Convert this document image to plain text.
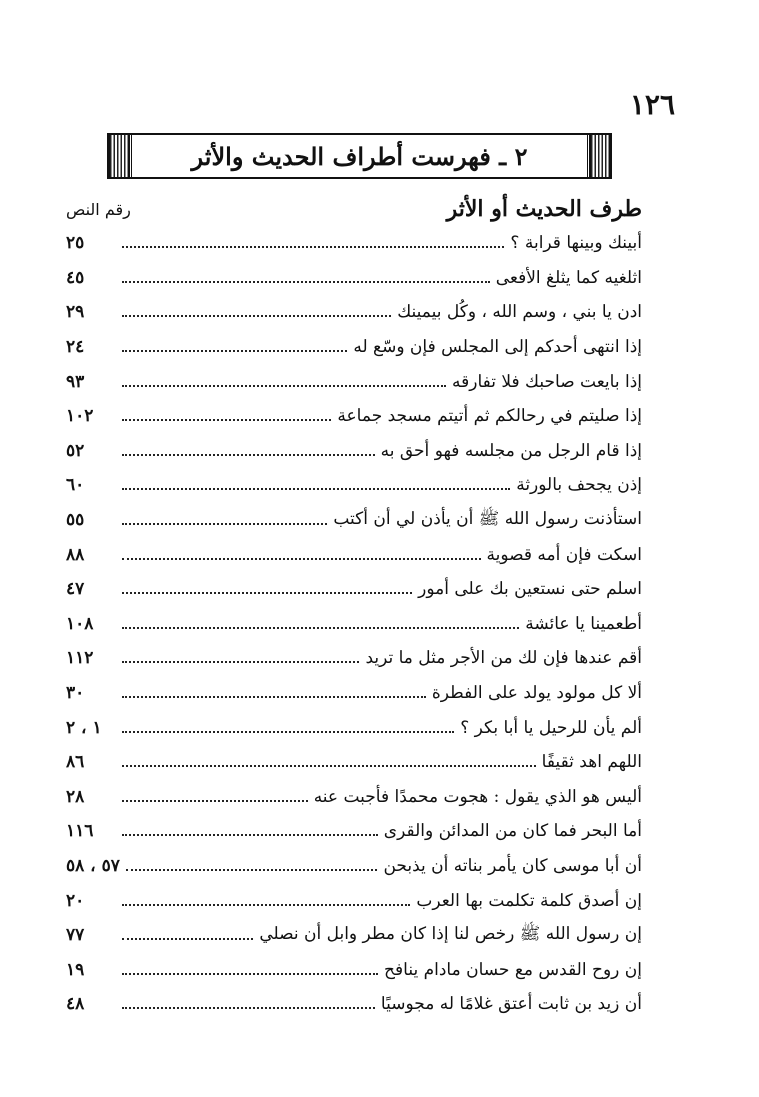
١٢٦
٢ ـ فهرست أطراف الحديث والأثر
طرف الحديث أو الأثر
رقم النص
أبينك وبينها قرابة ؟
٢٥
اثلغيه كما يثلغ الأفعى
٤٥
ادن يا بني ، وسم الله ، وكُل بيمينك
٢٩
إذا انتهى أحدكم إلى المجلس فإن وسّع له
٢٤
إذا بايعت صاحبك فلا تفارقه
٩٣
إذا صليتم في رحالكم ثم أتيتم مسجد جماعة
١٠٢
إذا قام الرجل من مجلسه فهو أحق به
٥٢
إذن يجحف بالورثة
٦٠
استأذنت رسول الله ﷺ أن يأذن لي أن أكتب
٥٥
اسكت فإن أمه قصوية
٨٨
اسلم حتى نستعين بك على أمور
٤٧
أطعمينا يا عائشة
١٠٨
أقم عندها فإن لك من الأجر مثل ما تريد
١١٢
ألا كل مولود يولد على الفطرة
٣٠
ألم يأن للرحيل يا أبا بكر ؟
١ ، ٢
اللهم اهد ثقيفًا
٨٦
أليس هو الذي يقول : هجوت محمدًا فأجبت عنه
٢٨
أما البحر فما كان من المدائن والقرى
١١٦
أن أبا موسى كان يأمر بناته أن يذبحن
٥٧ ، ٥٨
إن أصدق كلمة تكلمت بها العرب
٢٠
إن رسول الله ﷺ رخص لنا إذا كان مطر وابل أن نصلي
٧٧
إن روح القدس مع حسان مادام ينافح
١٩
أن زيد بن ثابت أعتق غلامًا له مجوسيًا
٤٨
